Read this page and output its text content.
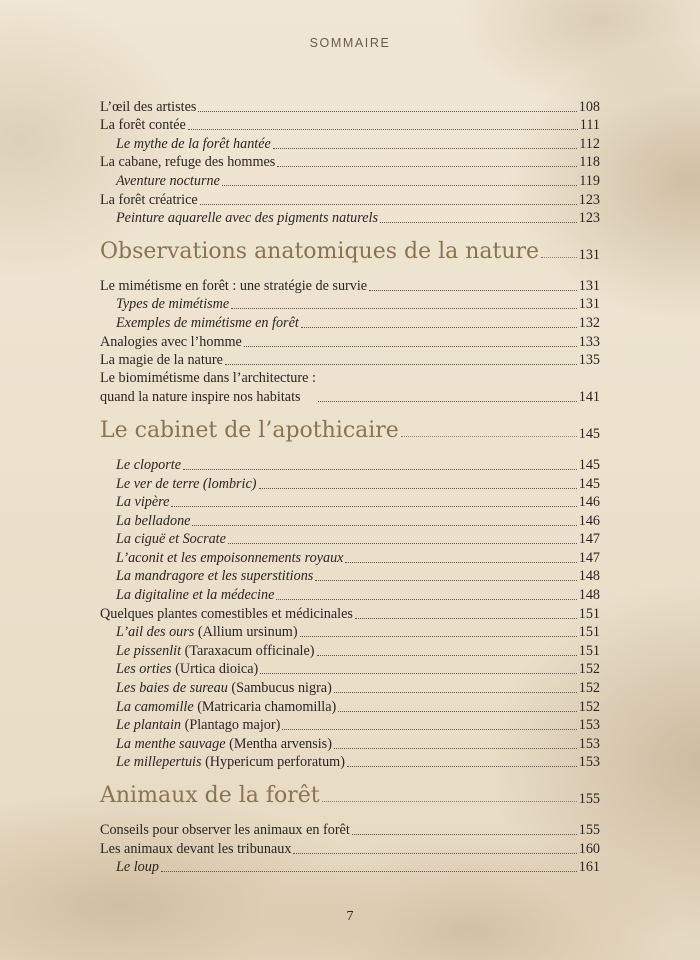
SOMMAIRE
L’œil des artistes	108
La forêt contée	111
Le mythe de la forêt hantée	112
La cabane, refuge des hommes	118
Aventure nocturne	119
La forêt créatrice	123
Peinture aquarelle avec des pigments naturels	123
Observations anatomiques de la nature	131
Le mimétisme en forêt : une stratégie de survie	131
Types de mimétisme	131
Exemples de mimétisme en forêt	132
Analogies avec l’homme	133
La magie de la nature	135
Le biomimétisme dans l’architecture :
quand la nature inspire nos habitats	141
Le cabinet de l’apothicaire	145
Le cloporte	145
Le ver de terre (lombric)	145
La vipère	146
La belladone	146
La ciguë et Socrate	147
L’aconit et les empoisonnements royaux	147
La mandragore et les superstitions	148
La digitaline et la médecine	148
Quelques plantes comestibles et médicinales	151
L’ail des ours (Allium ursinum)	151
Le pissenlit (Taraxacum officinale)	151
Les orties (Urtica dioica)	152
Les baies de sureau (Sambucus nigra)	152
La camomille (Matricaria chamomilla)	152
Le plantain (Plantago major)	153
La menthe sauvage (Mentha arvensis)	153
Le millepertuis (Hypericum perforatum)	153
Animaux de la forêt	155
Conseils pour observer les animaux en forêt	155
Les animaux devant les tribunaux	160
Le loup	161
7
